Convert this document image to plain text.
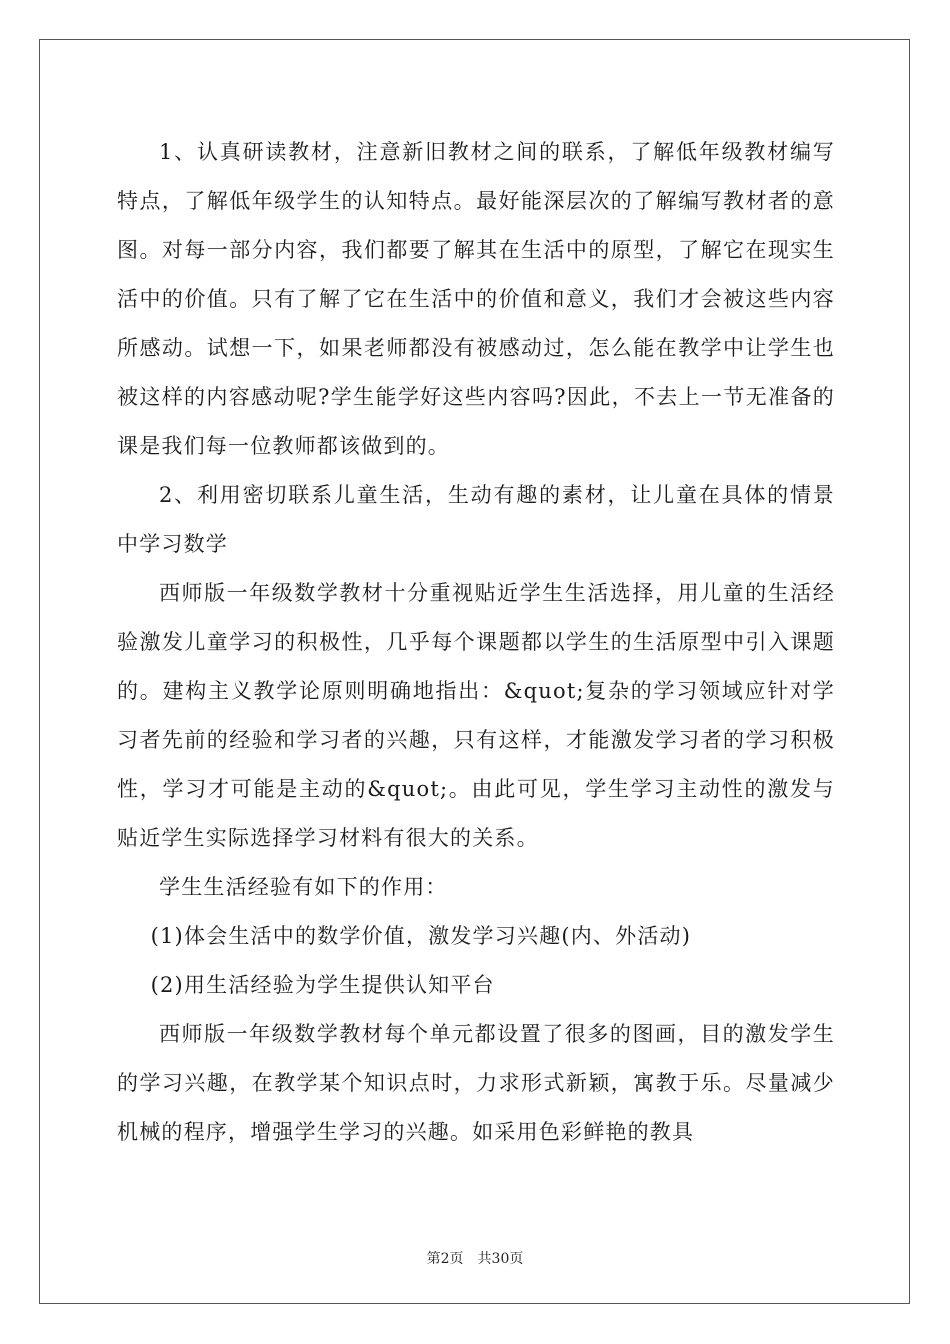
1、认真研读教材，注意新旧教材之间的联系，了解低年级教材编写特点，了解低年级学生的认知特点。最好能深层次的了解编写教材者的意图。对每一部分内容，我们都要了解其在生活中的原型，了解它在现实生活中的价值。只有了解了它在生活中的价值和意义，我们才会被这些内容所感动。试想一下，如果老师都没有被感动过，怎么能在教学中让学生也被这样的内容感动呢?学生能学好这些内容吗?因此，不去上一节无准备的课是我们每一位教师都该做到的。

2、利用密切联系儿童生活，生动有趣的素材，让儿童在具体的情景中学习数学

西师版一年级数学教材十分重视贴近学生生活选择，用儿童的生活经验激发儿童学习的积极性，几乎每个课题都以学生的生活原型中引入课题的。建构主义教学论原则明确地指出：&quot;复杂的学习领域应针对学习者先前的经验和学习者的兴趣，只有这样，才能激发学习者的学习积极性，学习才可能是主动的&quot;。由此可见，学生学习主动性的激发与贴近学生实际选择学习材料有很大的关系。

学生生活经验有如下的作用：

(1)体会生活中的数学价值，激发学习兴趣(内、外活动)

(2)用生活经验为学生提供认知平台

西师版一年级数学教材每个单元都设置了很多的图画，目的激发学生的学习兴趣，在教学某个知识点时，力求形式新颖，寓教于乐。尽量减少机械的程序，增强学生学习的兴趣。如采用色彩鲜艳的教具

第2页 共30页
